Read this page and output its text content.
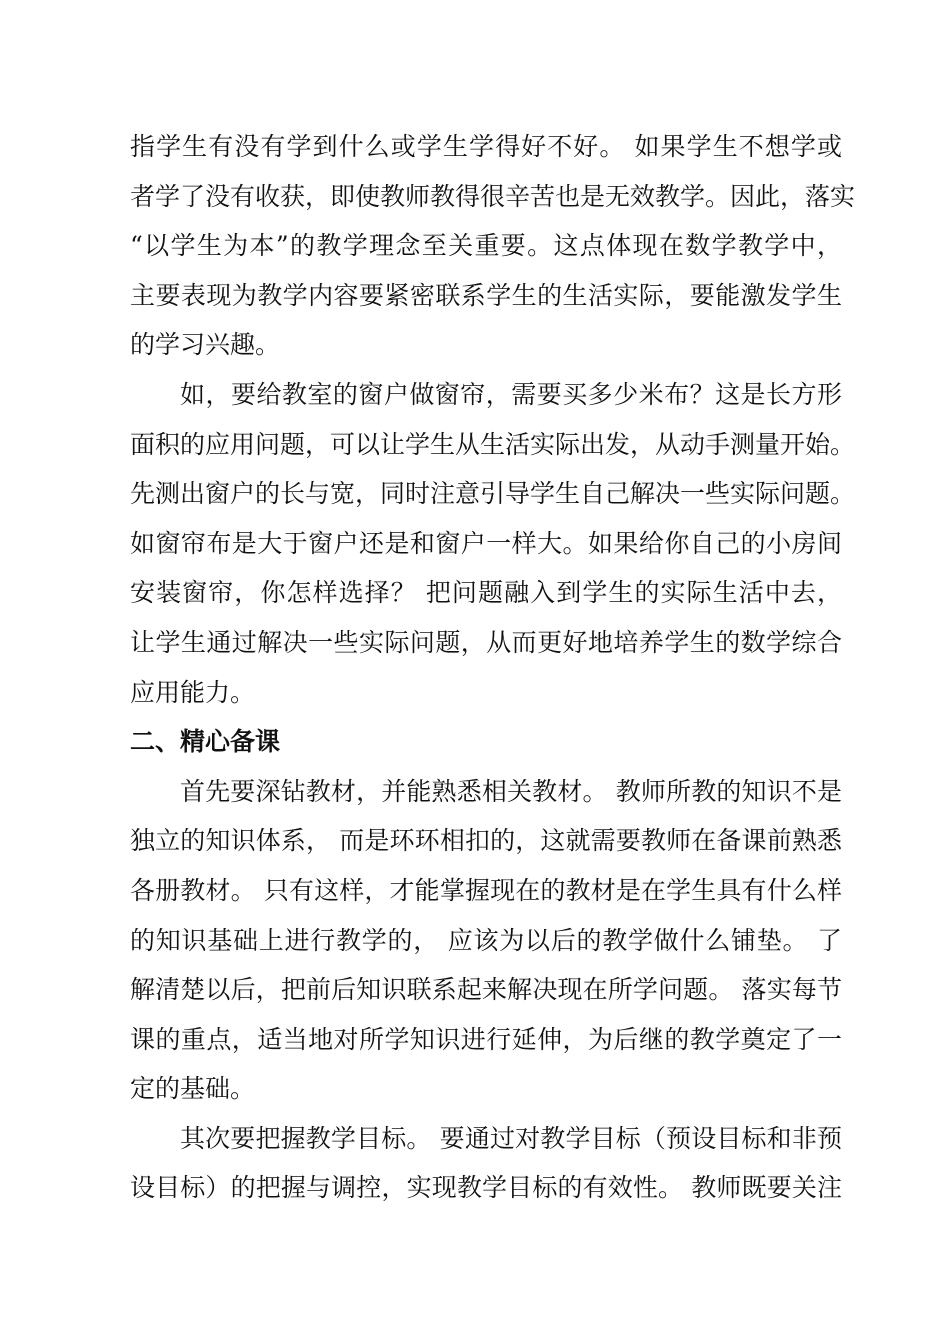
指学生有没有学到什么或学生学得好不好。 如果学生不想学或
者学了没有收获，即使教师教得很辛苦也是无效教学。因此，落实
“以学生为本”的教学理念至关重要。这点体现在数学教学中，
主要表现为教学内容要紧密联系学生的生活实际，要能激发学生
的学习兴趣。
如，要给教室的窗户做窗帘，需要买多少米布？这是长方形
面积的应用问题，可以让学生从生活实际出发，从动手测量开始。
先测出窗户的长与宽，同时注意引导学生自己解决一些实际问题。
如窗帘布是大于窗户还是和窗户一样大。如果给你自己的小房间
安装窗帘，你怎样选择？ 把问题融入到学生的实际生活中去，
让学生通过解决一些实际问题，从而更好地培养学生的数学综合
应用能力。
二、精心备课
首先要深钻教材，并能熟悉相关教材。 教师所教的知识不是
独立的知识体系， 而是环环相扣的，这就需要教师在备课前熟悉
各册教材。 只有这样，才能掌握现在的教材是在学生具有什么样
的知识基础上进行教学的， 应该为以后的教学做什么铺垫。 了
解清楚以后，把前后知识联系起来解决现在所学问题。 落实每节
课的重点，适当地对所学知识进行延伸，为后继的教学奠定了一
定的基础。
其次要把握教学目标。 要通过对教学目标（预设目标和非预
设目标）的把握与调控，实现教学目标的有效性。 教师既要关注
